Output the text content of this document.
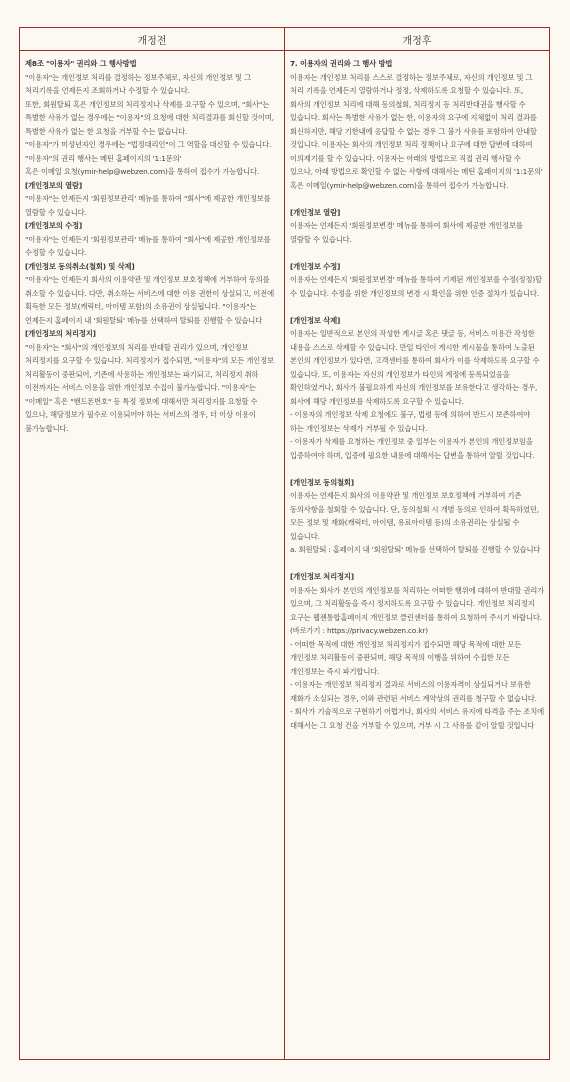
개정전	개정후

제8조 "이용자" 권리와 그 행사방법

"이용자"는 개인정보 처리를 결정하는 정보주체로, 자신의 개인정보 및 그 처리기록을 언제든지 조회하거나 수정할 수 있습니다.

또한, 회원탈퇴 혹은 개인정보의 처리정지나 삭제를 요구할 수 있으며, "회사"는 특별한 사유가 없는 경우에는 "이용자"의 요청에 대한 처리결과를 회신할 것이며, 특별한 사유가 없는 한 요청을 거부할 수는 없습니다.

"이용자"가 미성년자인 경우에는 "법정대리인"이 그 역할을 대신할 수 있습니다.

"이용자"의 권리 행사는 메틴 홈페이지의 '1:1문의'

혹은 이메일 요청(ymir-help@webzen.com)을 통하여 접수가 가능합니다.

[개인정보의 열람]

"이용자"는 언제든지 '회원정보관리' 메뉴를 통하여 "회사"에 제공한 개인정보를 열람할 수 있습니다.

[개인정보의 수정]

"이용자"는 언제든지 '회원정보관리' 메뉴를 통하여 "회사"에 제공한 개인정보를 수정할 수 있습니다.

[개인정보 동의취소(철회) 및 삭제]

"이용자"는 언제든지 회사의 이용약관 및 개인정보 보호정책에 거부하여 동의를 취소할 수 있습니다. 다만, 취소하는 서비스에 대한 이용 권한이 상실되고, 이전에 획득한 모든 정보(캐릭터, 아이템 포함)의 소유권이 상실됩니다. "이용자"는 언제든지 홈페이지 내 '회원탈퇴' 메뉴를 선택하여 탈퇴를 진행할 수 있습니다

[개인정보의 처리정지]

"이용자"는 "회사"의 개인정보의 처리를 반대할 권리가 있으며, 개인정보 처리정지를 요구할 수 있습니다. 처리정지가 접수되면, "이용자"의 모든 개인정보 처리활동이 중판되어, 기존에 사용하는 개인정보는 파기되고, 처리정지 취하 이전까지는 서비스 이용을 위한 개인정보 수집이 불가능합니다. "이용자"는 "이메일" 혹은 "핸드폰번호" 등 특정 정보에 대해서만 처리정지를 요청할 수 있으나, 해당정보가 필수로 이용되어야 하는 서비스의 경우, 더 이상 이용이 불가능합니다.

7. 이용자의 권리와 그 행사 방법

이용자는 개인정보 처리를 스스로 결정하는 정보주체로, 자신의 개인정보 및 그 처리 기록을 언제든지 열람하거나 정정, 삭제하도록 요청할 수 있습니다. 또, 회사의 개인정보 처리에 대해 동의철회, 처리정지 등 처리반대권을 행사할 수 있습니다. 회사는 특별한 사유가 없는 한, 이용자의 요구에 지체없이 처리 결과를 회신하지만, 해당 기한내에 응답할 수 없는 경우 그 불가 사유를 포함하여 안내할 것입니다. 이용자는 회사의 개인정보 처리 정책이나 요구에 대한 답변에 대하여 이의제기를 할 수 있습니다. 이용자는 아래의 방법으로 직접 권리 행사할 수 있으나, 아래 방법으로 확인할 수 없는 사항에 대해서는 메틴 홈페이지의 '1:1문의' 혹은 이메일(ymir-help@webzen.com)을 통하여 접수가 가능합니다.

[개인정보 열람]

이용자는 언제든지 '회원정보변경' 메뉴를 통하여 회사에 제공한 개인정보를 열람할 수 있습니다.

[개인정보 수정]

이용자는 언제든지 '회원정보변경' 메뉴를 통하여 기재된 개인정보를 수정(정정)할 수 있습니다. 수정을 위한 개인정보의 변경 시 확인을 위한 인증 절차가 있습니다.

[개인정보 삭제]

이용자는 일반적으로 본인의 작성한 게시글 혹은 댓글 등, 서비스 이용간 작성한 내용을 스스로 삭제할 수 있습니다. 만일 타인이 게시한 게시물을 통하여 노출된 본인의 개인정보가 있다면, 고객센터를 통하여 회사가 이를 삭제하도록 요구할 수 있습니다. 또, 이용자는 자신의 개인정보가 타인의 계정에 등록되었음을 확인하였거나, 회사가 불필요하게 자신의 개인정보를 보유한다고 생각하는 경우, 회사에 해당 개인정보를 삭제하도록 요구할 수 있습니다.

- 이용자의 개인정보 삭제 요청에도 불구, 법령 등에 의하여 반드시 보존하여야 하는 개인정보는 삭제가 거부될 수 있습니다.

- 이용자가 삭제를 요청하는 개인정보 중 일부는 이용자가 본인의 개인정보임을 입증하여야 하며, 입증에 필요한 내용에 대해서는 답변을 통하여 알릴 것입니다.

[개인정보 동의철회]

이용자는 언제든지 회사의 이용약관 및 개인정보 보호정책에 거부하여 기존 동의사항을 철회할 수 있습니다. 단, 동의철회 시 개별 동의로 인하여 획득하였던, 모든 정보 및 재화(캐릭터, 아이템, 유료아이템 등)의 소유권리는 상실될 수 있습니다.

a. 회원탈퇴 : 홈페이지 내 '회원탈퇴' 메뉴를 선택하여 탈퇴를 진행할 수 있습니다

[개인정보 처리정지]

이용자는 회사가 본인의 개인정보를 처리하는 어떠한 행위에 대하여 반대할 권리가 있으며, 그 처리활동을 즉시 정지하도록 요구할 수 있습니다. 개인정보 처리정지 요구는 웹젠통합홈페이지 개인정보 클린센터를 통하여 요청하여 주시기 바랍니다.

(바로가기 : https://privacy.webzen.co.kr)

- 어떠한 목적에 대한 개인정보 처리정지가 접수되면 해당 목적에 대한 모든 개인정보 처리활동이 중판되며, 해당 목적의 이행을 위하여 수집한 모든 개인정보는 즉시 파기합니다.

- 이용자는 개인정보 처리정지 결과로 서비스의 이용자격이 상실되거나 보유한 재화가 소실되는 경우, 이와 관련된 서비스 계약상의 권리를 청구할 수 없습니다.

- 회사가 기술적으로 구현하기 어렵거나, 회사의 서비스 유지에 타격을 주는 조치에 대해서는 그 요청 건을 거부할 수 있으며, 거부 시 그 사유를 같이 알릴 것입니다
